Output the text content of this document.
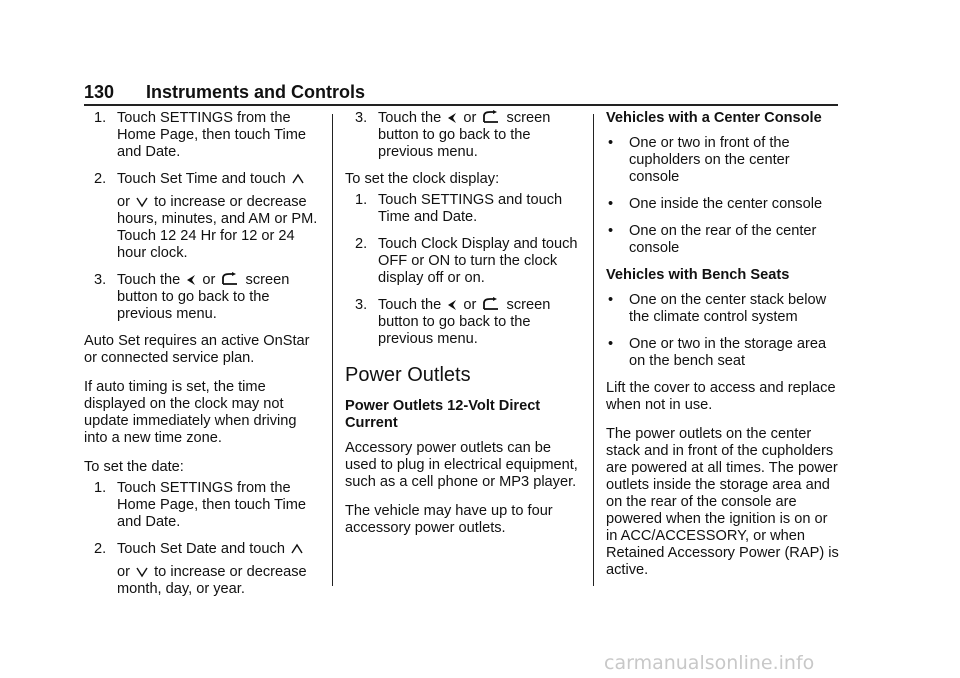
130 Instruments and Controls
1. Touch SETTINGS from the Home Page, then touch Time and Date.
2. Touch Set Time and touch
or to increase or decrease hours, minutes, and AM or PM. Touch 12 24 Hr for 12 or 24 hour clock.
3. Touch the or screen button to go back to the previous menu.

Auto Set requires an active OnStar or connected service plan.

If auto timing is set, the time displayed on the clock may not update immediately when driving into a new time zone.

To set the date:

1. Touch SETTINGS from the Home Page, then touch Time and Date.
2. Touch Set Date and touch
or to increase or decrease month, day, or year.
3. Touch the or screen button to go back to the previous menu.

To set the clock display:

1. Touch SETTINGS and touch Time and Date.
2. Touch Clock Display and touch OFF or ON to turn the clock display off or on.
3. Touch the or screen button to go back to the previous menu.
Power Outlets

Power Outlets 12-Volt Direct Current

Accessory power outlets can be used to plug in electrical equipment, such as a cell phone or MP3 player.

The vehicle may have up to four accessory power outlets.

Vehicles with a Center Console

• One or two in front of the cupholders on the center console
• One inside the center console
• One on the rear of the center console

Vehicles with Bench Seats

• One on the center stack below the climate control system
• One or two in the storage area on the bench seat

Lift the cover to access and replace when not in use.

The power outlets on the center stack and in front of the cupholders are powered at all times. The power outlets inside the storage area and on the rear of the console are powered when the ignition is on or in ACC/ACCESSORY, or when Retained Accessory Power (RAP) is active.

carmanualsonline.info
